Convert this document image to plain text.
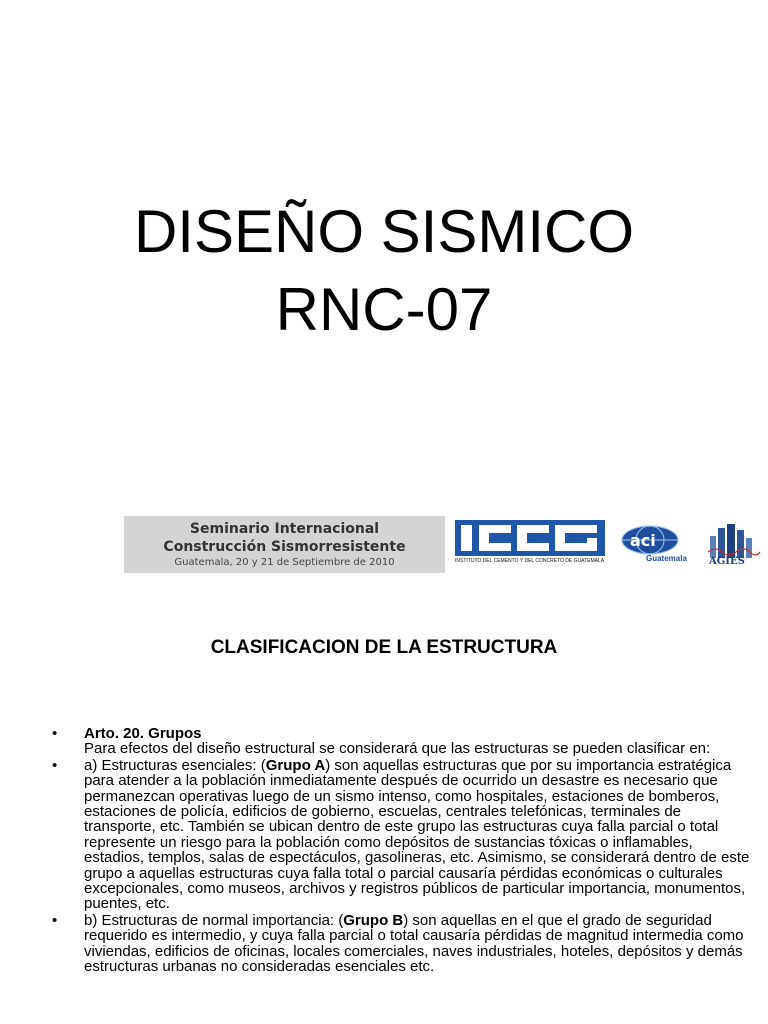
DISEÑO SISMICO
RNC-07
Seminario Internacional
Construcción Sismorresistente
Guatemala, 20 y 21 de Septiembre de 2010
ICCG
INSTITUTO DEL CEMENTO Y DEL CONCRETO DE GUATEMALA
aci
Guatemala AGIES
CLASIFICACION DE LA ESTRUCTURA
• Arto. 20. Grupos
Para efectos del diseño estructural se considerará que las estructuras se pueden clasificar en:
• a) Estructuras esenciales: (Grupo A) son aquellas estructuras que por su importancia estratégica para atender a la población inmediatamente después de ocurrido un desastre es necesario que permanezcan operativas luego de un sismo intenso, como hospitales, estaciones de bomberos, estaciones de policía, edificios de gobierno, escuelas, centrales telefónicas, terminales de transporte, etc. También se ubican dentro de este grupo las estructuras cuya falla parcial o total represente un riesgo para la población como depósitos de sustancias tóxicas o inflamables, estadios, templos, salas de espectáculos, gasolineras, etc. Asimismo, se considerará dentro de este grupo a aquellas estructuras cuya falla total o parcial causaría pérdidas económicas o culturales excepcionales, como museos, archivos y registros públicos de particular importancia, monumentos, puentes, etc.
• b) Estructuras de normal importancia: (Grupo B) son aquellas en el que el grado de seguridad requerido es intermedio, y cuya falla parcial o total causaría pérdidas de magnitud intermedia como viviendas, edificios de oficinas, locales comerciales, naves industriales, hoteles, depósitos y demás estructuras urbanas no consideradas esenciales etc.
